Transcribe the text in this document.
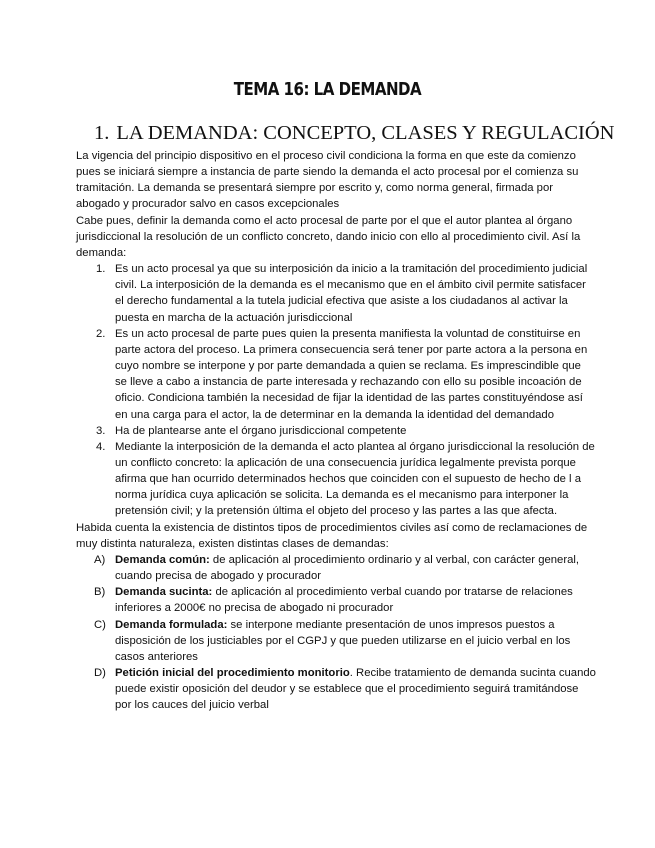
TEMA 16: LA DEMANDA
1. LA DEMANDA: CONCEPTO, CLASES Y REGULACIÓN

La vigencia del principio dispositivo en el proceso civil condiciona la forma en que este da comienzo pues se iniciará siempre a instancia de parte siendo la demanda el acto procesal por el comienza su tramitación. La demanda se presentará siempre por escrito y, como norma general, firmada por abogado y procurador salvo en casos excepcionales

Cabe pues, definir la demanda como el acto procesal de parte por el que el autor plantea al órgano jurisdiccional la resolución de un conflicto concreto, dando inicio con ello al procedimiento civil. Así la demanda:

1. Es un acto procesal ya que su interposición da inicio a la tramitación del procedimiento judicial civil. La interposición de la demanda es el mecanismo que en el ámbito civil permite satisfacer el derecho fundamental a la tutela judicial efectiva que asiste a los ciudadanos al activar la puesta en marcha de la actuación jurisdiccional
2. Es un acto procesal de parte pues quien la presenta manifiesta la voluntad de constituirse en parte actora del proceso. La primera consecuencia será tener por parte actora a la persona en cuyo nombre se interpone y por parte demandada a quien se reclama. Es imprescindible que se lleve a cabo a instancia de parte interesada y rechazando con ello su posible incoación de oficio. Condiciona también la necesidad de fijar la identidad de las partes constituyéndose así en una carga para el actor, la de determinar en la demanda la identidad del demandado
3. Ha de plantearse ante el órgano jurisdiccional competente
4. Mediante la interposición de la demanda el acto plantea al órgano jurisdiccional la resolución de un conflicto concreto: la aplicación de una consecuencia jurídica legalmente prevista porque afirma que han ocurrido determinados hechos que coinciden con el supuesto de hecho de l a norma jurídica cuya aplicación se solicita. La demanda es el mecanismo para interponer la pretensión civil; y la pretensión última el objeto del proceso y las partes a las que afecta.

Habida cuenta la existencia de distintos tipos de procedimientos civiles así como de reclamaciones de muy distinta naturaleza, existen distintas clases de demandas:

A) Demanda común: de aplicación al procedimiento ordinario y al verbal, con carácter general, cuando precisa de abogado y procurador
B) Demanda sucinta: de aplicación al procedimiento verbal cuando por tratarse de relaciones inferiores a 2000€ no precisa de abogado ni procurador
C) Demanda formulada: se interpone mediante presentación de unos impresos puestos a disposición de los justiciables por el CGPJ y que pueden utilizarse en el juicio verbal en los casos anteriores
D) Petición inicial del procedimiento monitorio. Recibe tratamiento de demanda sucinta cuando puede existir oposición del deudor y se establece que el procedimiento seguirá tramitándose por los cauces del juicio verbal
